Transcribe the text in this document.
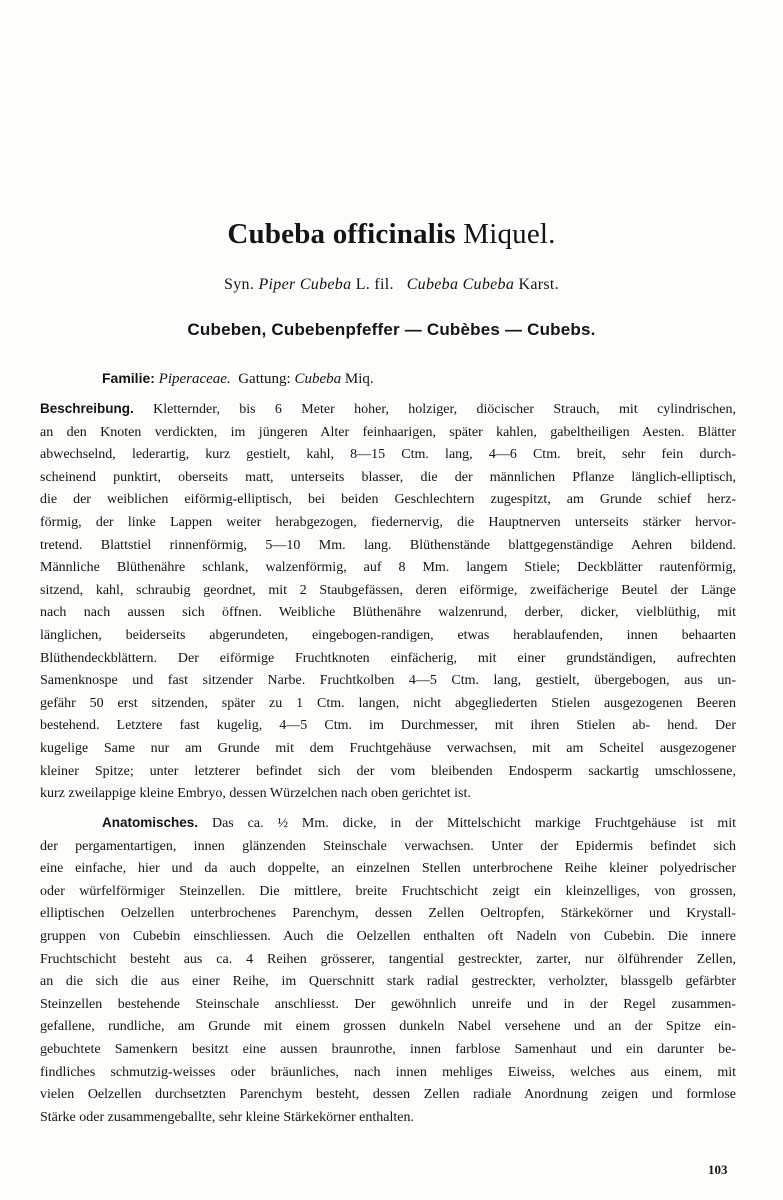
Cubeba officinalis Miquel.
Syn. Piper Cubeba L. fil. Cubeba Cubeba Karst.
Cubeben, Cubebenpfeffer — Cubèbes — Cubebs.
Familie: Piperaceae. Gattung: Cubeba Miq.
Beschreibung. Kletternder, bis 6 Meter hoher, holziger, diöcischer Strauch, mit cylindrischen,
an den Knoten verdickten, im jüngeren Alter feinhaarigen, später kahlen, gabeltheiligen Aesten. Blätter
abwechselnd, lederartig, kurz gestielt, kahl, 8—15 Ctm. lang, 4—6 Ctm. breit, sehr fein durch-
scheinend punktirt, oberseits matt, unterseits blasser, die der männlichen Pflanze länglich-elliptisch,
die der weiblichen eiförmig-elliptisch, bei beiden Geschlechtern zugespitzt, am Grunde schief herz-
förmig, der linke Lappen weiter herabgezogen, fiedernervig, die Hauptnerven unterseits stärker hervor-
tretend. Blattstiel rinnenförmig, 5—10 Mm. lang. Blüthenstände blattgegenständige Aehren bildend.
Männliche Blüthenähre schlank, walzenförmig, auf 8 Mm. langem Stiele; Deckblätter rautenförmig,
sitzend, kahl, schraubig geordnet, mit 2 Staubgefässen, deren eiförmige, zweifächerige Beutel der Länge
nach nach aussen sich öffnen. Weibliche Blüthenähre walzenrund, derber, dicker, vielblüthig, mit
länglichen, beiderseits abgerundeten, eingebogen-randigen, etwas herablaufenden, innen behaarten
Blüthendeckblättern. Der eiförmige Fruchtknoten einfächerig, mit einer grundständigen, aufrechten
Samenknospe und fast sitzender Narbe. Fruchtkolben 4—5 Ctm. lang, gestielt, übergebogen, aus un-
gefähr 50 erst sitzenden, später zu 1 Ctm. langen, nicht abgegliederten Stielen ausgezogenen Beeren
bestehend. Letztere fast kugelig, 4—5 Ctm. im Durchmesser, mit ihren Stielen ab- hend. Der
kugelige Same nur am Grunde mit dem Fruchtgehäuse verwachsen, mit am Scheitel ausgezogener
kleiner Spitze; unter letzterer befindet sich der vom bleibenden Endosperm sackartig umschlossene,
kurz zweilappige kleine Embryo, dessen Würzelchen nach oben gerichtet ist.
Anatomisches. Das ca. ½ Mm. dicke, in der Mittelschicht markige Fruchtgehäuse ist mit
der pergamentartigen, innen glänzenden Steinschale verwachsen. Unter der Epidermis befindet sich
eine einfache, hier und da auch doppelte, an einzelnen Stellen unterbrochene Reihe kleiner polyedrischer
oder würfelförmiger Steinzellen. Die mittlere, breite Fruchtschicht zeigt ein kleinzelliges, von grossen,
elliptischen Oelzellen unterbrochenes Parenchym, dessen Zellen Oeltropfen, Stärkekörner und Krystall-
gruppen von Cubebin einschliessen. Auch die Oelzellen enthalten oft Nadeln von Cubebin. Die innere
Fruchtschicht besteht aus ca. 4 Reihen grösserer, tangential gestreckter, zarter, nur ölführender Zellen,
an die sich die aus einer Reihe, im Querschnitt stark radial gestreckter, verholzter, blassgelb gefärbter
Steinzellen bestehende Steinschale anschliesst. Der gewöhnlich unreife und in der Regel zusammen-
gefallene, rundliche, am Grunde mit einem grossen dunkeln Nabel versehene und an der Spitze ein-
gebuchtete Samenkern besitzt eine aussen braunrothe, innen farblose Samenhaut und ein darunter be-
findliches schmutzig-weisses oder bräunliches, nach innen mehliges Eiweiss, welches aus einem, mit
vielen Oelzellen durchsetzten Parenchym besteht, dessen Zellen radiale Anordnung zeigen und formlose
Stärke oder zusammengeballte, sehr kleine Stärkekörner enthalten.
103
